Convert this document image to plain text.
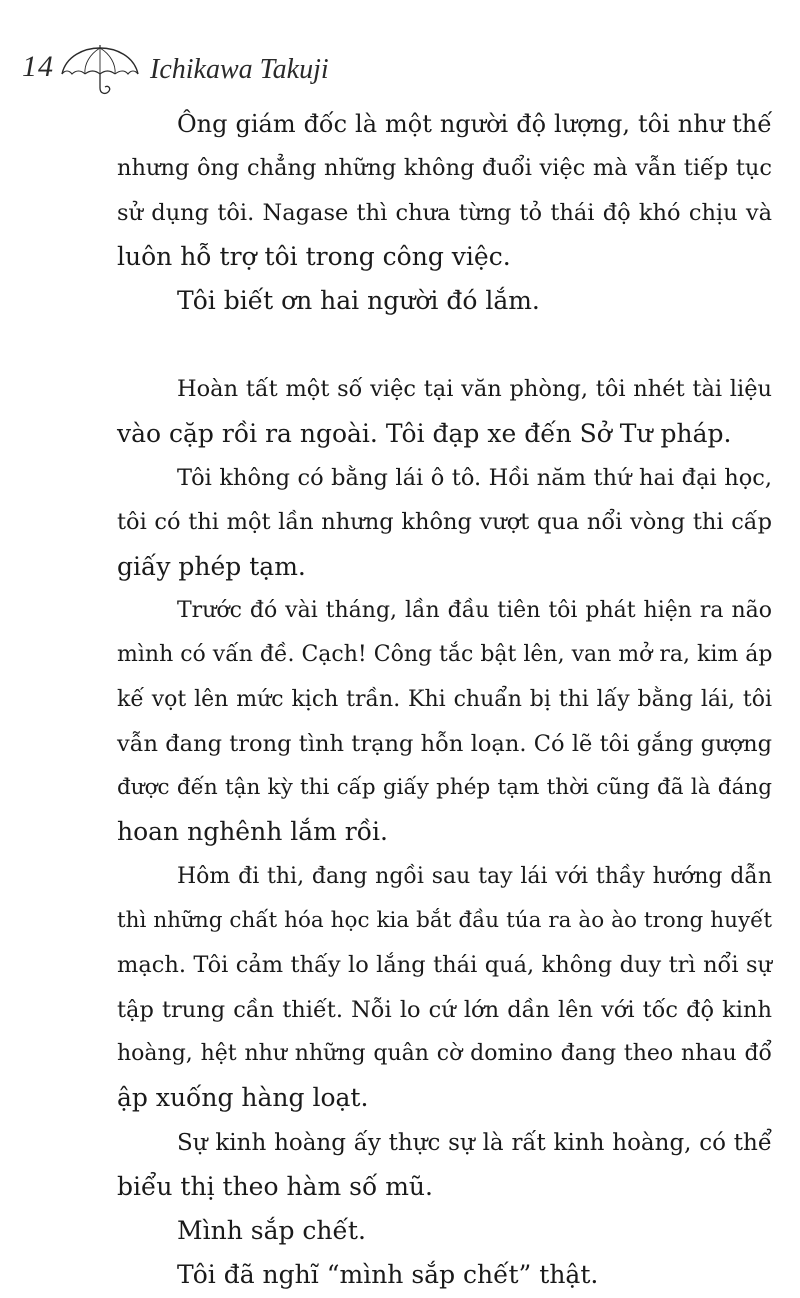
14	Ichikawa Takuji
Ông giám đốc là một người độ lượng, tôi như thế
nhưng ông chẳng những không đuổi việc mà vẫn tiếp tục
sử dụng tôi. Nagase thì chưa từng tỏ thái độ khó chịu và
luôn hỗ trợ tôi trong công việc.
Tôi biết ơn hai người đó lắm.
Hoàn tất một số việc tại văn phòng, tôi nhét tài liệu
vào cặp rồi ra ngoài. Tôi đạp xe đến Sở Tư pháp.
Tôi không có bằng lái ô tô. Hồi năm thứ hai đại học,
tôi có thi một lần nhưng không vượt qua nổi vòng thi cấp
giấy phép tạm.
Trước đó vài tháng, lần đầu tiên tôi phát hiện ra não
mình có vấn đề. Cạch! Công tắc bật lên, van mở ra, kim áp
kế vọt lên mức kịch trần. Khi chuẩn bị thi lấy bằng lái, tôi
vẫn đang trong tình trạng hỗn loạn. Có lẽ tôi gắng gượng
được đến tận kỳ thi cấp giấy phép tạm thời cũng đã là đáng
hoan nghênh lắm rồi.
Hôm đi thi, đang ngồi sau tay lái với thầy hướng dẫn
thì những chất hóa học kia bắt đầu túa ra ào ào trong huyết
mạch. Tôi cảm thấy lo lắng thái quá, không duy trì nổi sự
tập trung cần thiết. Nỗi lo cứ lớn dần lên với tốc độ kinh
hoàng, hệt như những quân cờ domino đang theo nhau đổ
ập xuống hàng loạt.
Sự kinh hoàng ấy thực sự là rất kinh hoàng, có thể
biểu thị theo hàm số mũ.
Mình sắp chết.
Tôi đã nghĩ “mình sắp chết” thật.
